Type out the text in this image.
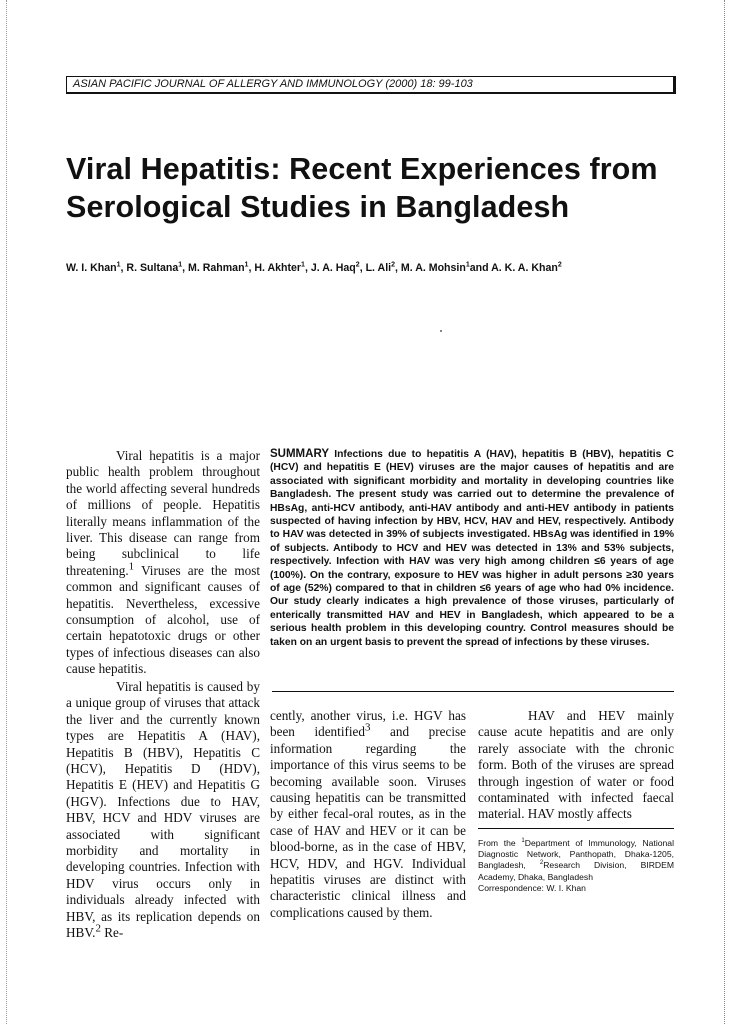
ASIAN PACIFIC JOURNAL OF ALLERGY AND IMMUNOLOGY (2000) 18: 99-103
Viral Hepatitis: Recent Experiences from
Serological Studies in Bangladesh
W. I. Khan$^1$, R. Sultana$^1$, M. Rahman$^1$, H. Akhter$^1$, J. A. Haq$^2$, L. Ali$^2$, M. A. Mohsin$^1$and A. K. A. Khan$^2$

Viral hepatitis is a major public health problem throughout the world affecting several hundreds of millions of people. Hepatitis literally means inflammation of the liver. This disease can range from being subclinical to life threatening.$^1$ Viruses are the most common and significant causes of hepatitis. Nevertheless, excessive consumption of alcohol, use of certain hepatotoxic drugs or other types of infectious diseases can also cause hepatitis.

Viral hepatitis is caused by a unique group of viruses that attack the liver and the currently known types are Hepatitis A (HAV), Hepatitis B (HBV), Hepatitis C (HCV), Hepatitis D (HDV), Hepatitis E (HEV) and Hepatitis G (HGV). Infections due to HAV, HBV, HCV and HDV viruses are associated with significant morbidity and mortality in developing countries. Infection with HDV virus occurs only in individuals already infected with HBV, as its replication depends on HBV.$^2$ Re-

SUMMARY Infections due to hepatitis A (HAV), hepatitis B (HBV), hepatitis C (HCV) and hepatitis E (HEV) viruses are the major causes of hepatitis and are associated with significant morbidity and mortality in developing countries like Bangladesh. The present study was carried out to determine the prevalence of HBsAg, anti-HCV antibody, anti-HAV antibody and anti-HEV antibody in patients suspected of having infection by HBV, HCV, HAV and HEV, respectively. Antibody to HAV was detected in 39% of subjects investigated. HBsAg was identified in 19% of subjects. Antibody to HCV and HEV was detected in 13% and 53% subjects, respectively. Infection with HAV was very high among children ≤6 years of age (100%). On the contrary, exposure to HEV was higher in adult persons ≥30 years of age (52%) compared to that in children ≤6 years of age who had 0% incidence. Our study clearly indicates a high prevalence of those viruses, particularly of enterically transmitted HAV and HEV in Bangladesh, which appeared to be a serious health problem in this developing country. Control measures should be taken on an urgent basis to prevent the spread of infections by these viruses.

cently, another virus, i.e. HGV has been identified$^3$ and precise information regarding the importance of this virus seems to be becoming available soon. Viruses causing hepatitis can be transmitted by either fecal-oral routes, as in the case of HAV and HEV or it can be blood-borne, as in the case of HBV, HCV, HDV, and HGV. Individual hepatitis viruses are distinct with characteristic clinical illness and complications caused by them.

HAV and HEV mainly cause acute hepatitis and are only rarely associate with the chronic form. Both of the viruses are spread through ingestion of water or food contaminated with infected faecal material. HAV mostly affects

From the $^1$Department of Immunology, National Diagnostic Network, Panthopath, Dhaka-1205, Bangladesh, $^2$Research Division, BIRDEM Academy, Dhaka, Bangladesh
Correspondence: W. I. Khan
